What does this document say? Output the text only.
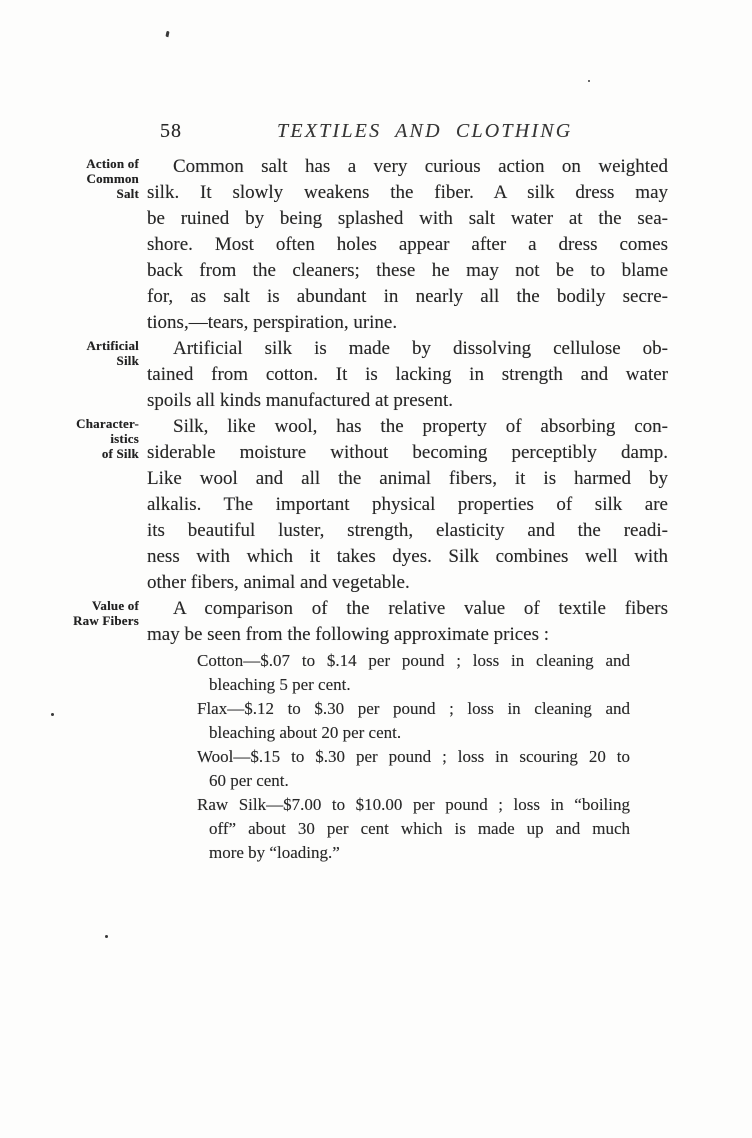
58	TEXTILES AND CLOTHING
Action of
Common
Salt
Common salt has a very curious action on weighted
silk. It slowly weakens the fiber. A silk dress may
be ruined by being splashed with salt water at the sea-
shore. Most often holes appear after a dress comes
back from the cleaners; these he may not be to blame
for, as salt is abundant in nearly all the bodily secre-
tions,—tears, perspiration, urine.
Artificial
Silk
Artificial silk is made by dissolving cellulose ob-
tained from cotton. It is lacking in strength and water
spoils all kinds manufactured at present.
Character-
istics
of Silk
Silk, like wool, has the property of absorbing con-
siderable moisture without becoming perceptibly damp.
Like wool and all the animal fibers, it is harmed by
alkalis. The important physical properties of silk are
its beautiful luster, strength, elasticity and the readi-
ness with which it takes dyes. Silk combines well with
other fibers, animal and vegetable.
Value of
Raw Fibers
A comparison of the relative value of textile fibers
may be seen from the following approximate prices :
Cotton—$.07 to $.14 per pound ; loss in cleaning and
bleaching 5 per cent.
Flax—$.12 to $.30 per pound ; loss in cleaning and
bleaching about 20 per cent.
Wool—$.15 to $.30 per pound ; loss in scouring 20 to
60 per cent.
Raw Silk—$7.00 to $10.00 per pound ; loss in “boiling
off” about 30 per cent which is made up and much
more by “loading.”
